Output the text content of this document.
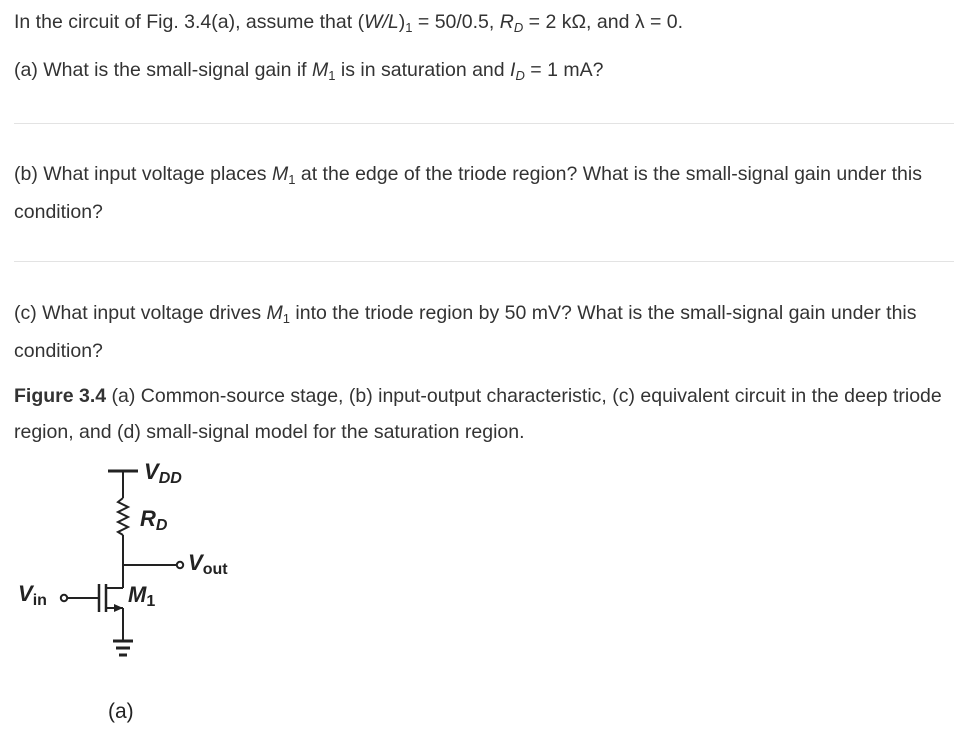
In the circuit of Fig. 3.4(a), assume that $(W/L)_1 = 50/0.5$, $R_D = 2$ kΩ, and λ = 0.
(a) What is the small-signal gain if $M_1$ is in saturation and $I_D = 1$ mA?
(b) What input voltage places $M_1$ at the edge of the triode region? What is the small-signal gain under this condition?
(c) What input voltage drives $M_1$ into the triode region by 50 mV? What is the small-signal gain under this condition?
Figure 3.4 (a) Common-source stage, (b) input-output characteristic, (c) equivalent circuit in the deep triode region, and (d) small-signal model for the saturation region.
VDD
RD
Vout
Vin	M1
(a)
